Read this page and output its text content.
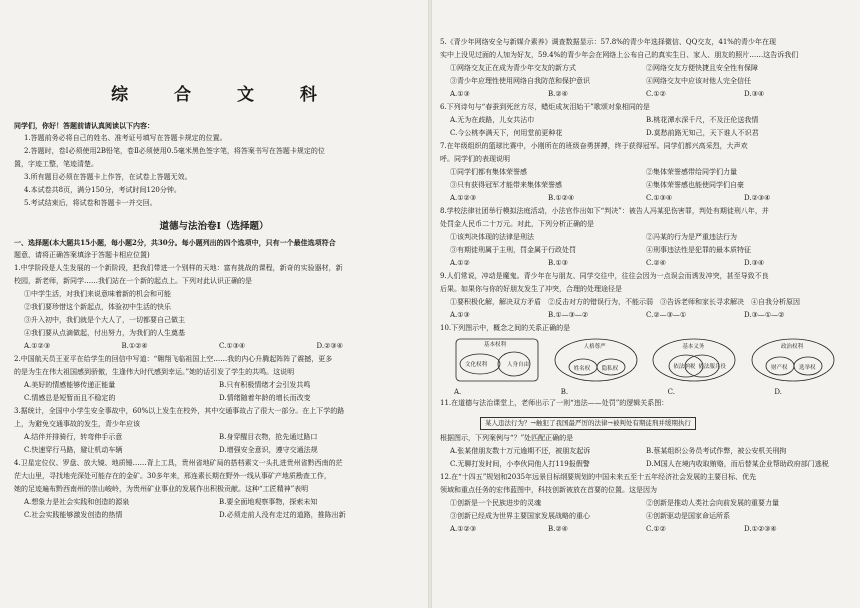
综 合 文 科

同学们，你好！答题前请认真阅读以下内容：

1.答题前务必将自己的姓名、准考证号填写在答题卡规定的位置。

2.答题时，卷Ⅰ必须使用2B铅笔，卷Ⅱ必须使用0.5毫米黑色签字笔，将答案书写在答题卡规定的位

置，字迹工整，笔迹清楚。

3.所有题目必须在答题卡上作答，在试卷上答题无效。

4.本试卷共8页，满分150分，考试时间120分钟。

5.考试结束后，将试卷和答题卡一并交回。

道德与法治卷Ⅰ（选择题）

一、选择题(本大题共15小题，每小题2分，共30分。每小题列出的四个选项中，只有一个最佳选项符合

题意，请将正确答案填涂于答题卡相应位置)

1.中学阶段是人生发展的一个新阶段，把我们带进一个别样的天地：富有挑战的课程，新奇的实验器材，新

校园，新老师，新同学……我们站在一个新的起点上。下列对此认识正确的是

①中学生活，对我们来说意味着新的机会和可能

②我们要珍惜这个新起点，体验初中生活的快乐

③升入初中，我们就是个大人了，一切都要自己做主

④我们要从点滴做起，付出努力，为我们的人生奠基

A.①②③	B.①②④	C.①③④	D.②③④

2.中国航天员王亚平在给学生的回信中写道：“翱翔飞临祖国上空……我的内心升腾起阵阵了震撼，更多

的是为生在伟大祖国感到骄傲，生逢伟大时代感到幸运。”她的话引发了学生的共鸣。这说明

A.美好的情感能够传递正能量	B.只有积极情绪才会引发共鸣
C.情感总是短暂而且不稳定的	D.情绪随着年龄的增长而改变

3.据统计，全国中小学生安全事故中，60%以上发生在校外，其中交通事故占了很大一部分。在上下学的路

上，为避免交通事故的发生，青少年应该

A.结伴并排骑行，转弯伸手示意	B.身穿醒目衣物，抢先通过路口
C.快速穿行马路，避让机动车辆	D.增强安全意识，遵守交通法规

4.卫星定位仪、罗盘、放大镜、地质锤……背上工具，贵州省地矿局的搭档素文一头扎进贵州省黔西南的茫

茫大山里，寻找地壳深处可能存在的金矿。30多年来，邢连素长期在野外一线从事矿产地质勘查工作，

她的足迹遍布黔西南州的崇山峻岭，为贵州矿业事业的发展作出积极贡献。这种“工匠精神”表明

A.想象力是社会实践和创造的源泉	B.要全面地观察事物，探索未知
C.社会实践能够激发创造的热情	D.必须走前人没有走过的道路，推陈出新

5.《青少年网络安全与新媒介素养》调查数据显示：57.8%的青少年选择微信、QQ交友，41%的青少年在现

实中上没见过面的人加为好友，59.4%的青少年会在网络上公布自己的真实生日、家人、朋友的照片……这告诉我们

①网络交友正在成为青少年交友的新方式	②网络交友方便快捷且安全性有保障
③青少年应理性使用网络自我防范和保护意识	④网络交友中应该对他人完全信任
A.①③	B.②④	C.①②	D.③④

6.下列诗句与“春蚕到死丝方尽，蜡炬成灰泪始干”歌颂对象相同的是

A.无为在歧路，儿女共沾巾	B.桃花潭水深千尺，不及汪伦送我情
C.今公桃李满天下，何用堂前更种花	D.莫愁前路无知己，天下谁人不识君

7.在年级组织的篮球比赛中，小刚所在的班级奋勇拼搏，终于获得冠军。同学们都兴高采烈，大声欢

呼。同学们的表现说明

①同学们都有集体荣誉感	②集体荣誉感带给同学们力量
③只有获得冠军才能带来集体荣誉感	④集体荣誉感也能使同学们自豪
A.①②③	B.①②④	C.①③④	D.②③④

8.学校法律社团举行模拟法庭活动，小法官作出如下“判决”：被告人冯某犯伤害罪，判处有期徒刑八年，并

处罚金人民币二十万元。对此，下列分析正确的是

①该判决体现的法律是刑法	②冯某的行为是严重违法行为
③有期徒刑属于主刑，罚金属于行政处罚	④刑事违法性是犯罪的最本质特征
A.①②	B.①③	C.②④	D.③④

9.人们常说，冲动是魔鬼。青少年在与朋友、同学交往中，往往会因为一点误会而诱发冲突，甚至导致不良

后果。如果你与你的好朋友发生了冲突，合理的处理途径是

①要积极化解，解决双方矛盾　②反击对方的错误行为，不能示弱　③告诉老师和家长寻求解决　④自我分析原因

A.①③	B.①—③—②	C.②—③—①	D.③—①—②

10.下列图示中，概念之间的关系正确的是

基本权利
文化权利	人身自由
人格尊严
姓名权 隐私权
基本义务
依法纳税 依法服兵役
政治权利
财产权 选举权
A.	B.	C.	D.

11.在道德与法治课堂上，老师出示了一则“违法——处罚”的逻辑关系图：

某人违法行为？→触犯了我国最严厉的法律→被判处有期徒刑并缓期执行

根据图示，下列案例与“？”处匹配正确的是

A.张某借朋友数十万元逾期不还，被朋友起诉	B.蔡某组织公务员考试作弊，被公安机关刑拘
C.无聊打发时间，小李伙同他人打119报假警	D.M国人在境内收取贿赂，而后替某企业帮助政府部门逃税

12.在“十四五”规划和2035年远景目标纲要规划的中国未来五至十五年经济社会发展的主要目标、优先

领域和重点任务的宏伟蓝图中，科技创新被放在首要的位置。这是因为

①创新是一个民族进步的灵魂	②创新是推动人类社会向前发展的重要力量
③创新已经成为世界主要国家发展战略的重心	④创新驱动是国家命运所系
A.①②③	B.②④	C.①②	D.①②③④
